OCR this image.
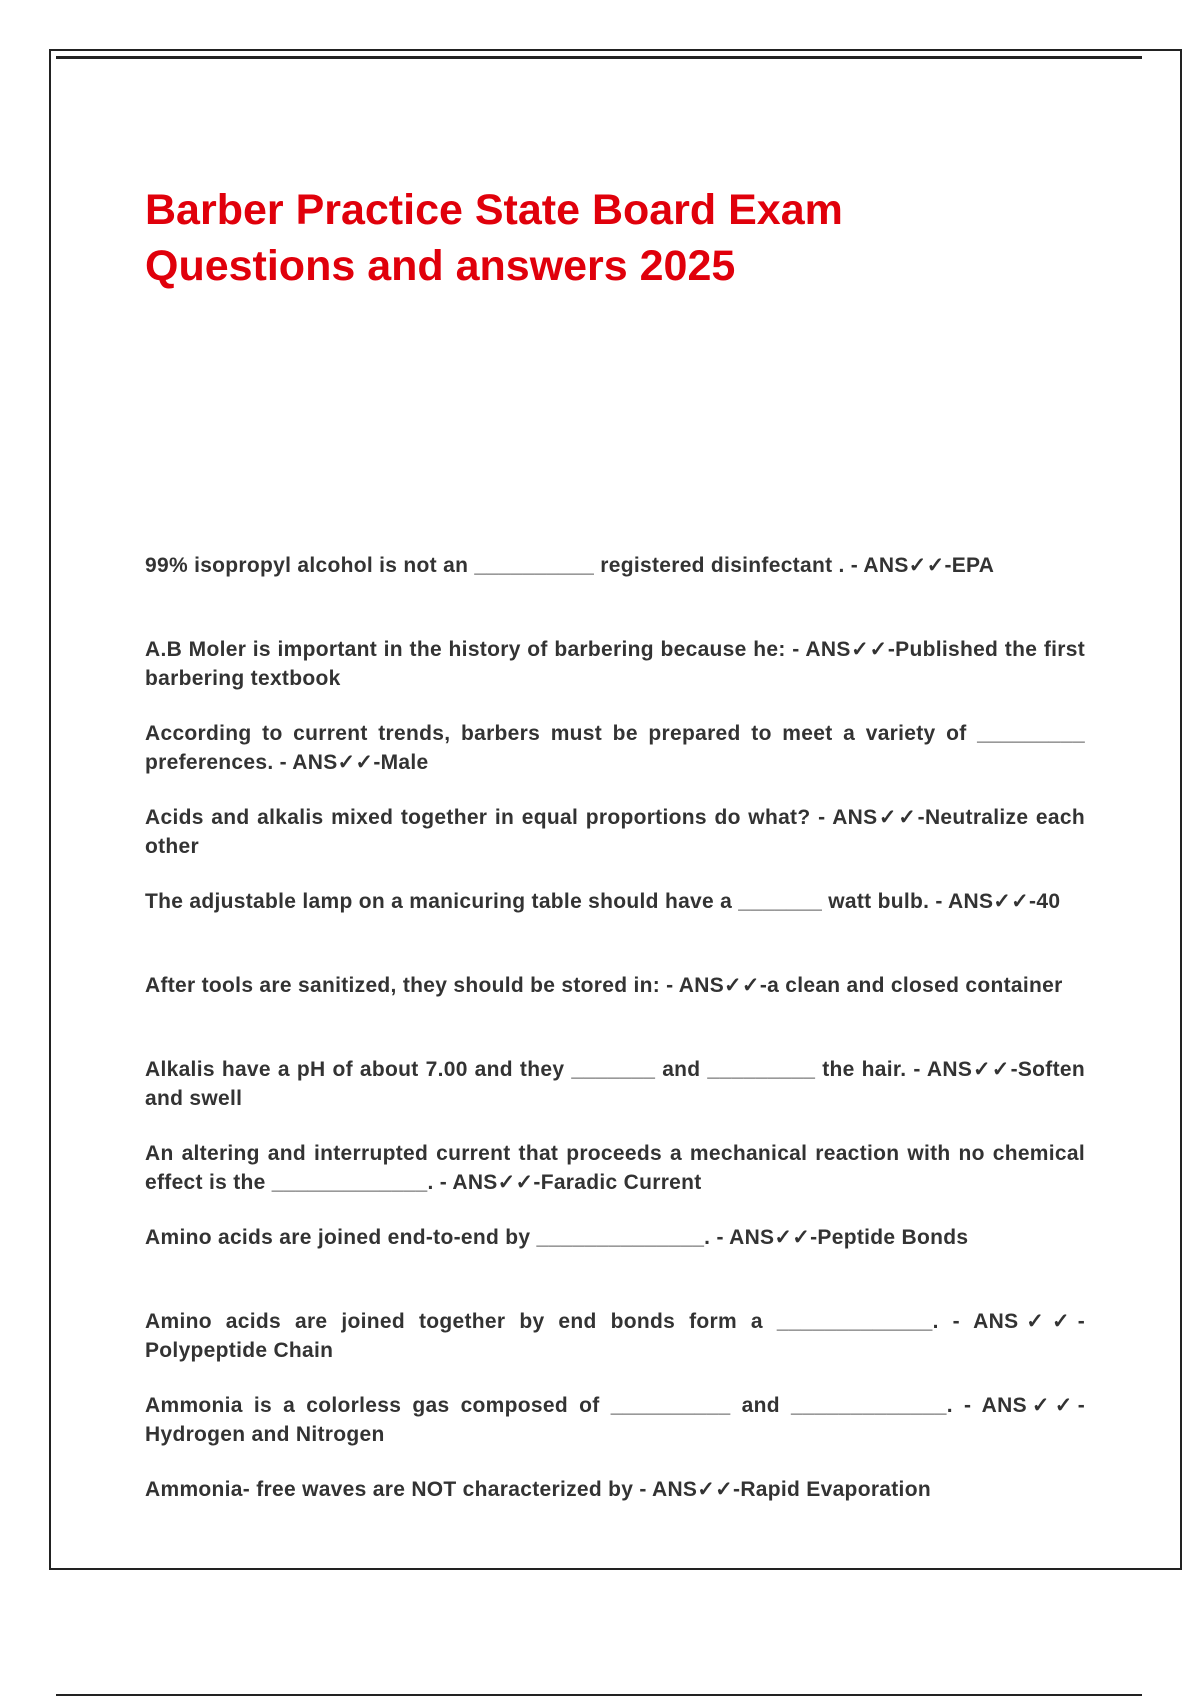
Barber Practice State Board Exam
Questions and answers 2025

99% isopropyl alcohol is not an __________ registered disinfectant . - ANS✓✓-EPA

A.B Moler is important in the history of barbering because he: - ANS✓✓-Published the first barbering textbook

According to current trends, barbers must be prepared to meet a variety of _________ preferences. - ANS✓✓-Male

Acids and alkalis mixed together in equal proportions do what? - ANS✓✓-Neutralize each other

The adjustable lamp on a manicuring table should have a _______ watt bulb. - ANS✓✓-40

After tools are sanitized, they should be stored in: - ANS✓✓-a clean and closed container

Alkalis have a pH of about 7.00 and they _______ and _________ the hair. - ANS✓✓-Soften and swell

An altering and interrupted current that proceeds a mechanical reaction with no chemical effect is the _____________. - ANS✓✓-Faradic Current

Amino acids are joined end-to-end by ______________. - ANS✓✓-Peptide Bonds

Amino acids are joined together by end bonds form a _____________. - ANS✓✓-Polypeptide Chain

Ammonia is a colorless gas composed of __________ and _____________. - ANS✓✓-Hydrogen and Nitrogen

Ammonia- free waves are NOT characterized by - ANS✓✓-Rapid Evaporation
